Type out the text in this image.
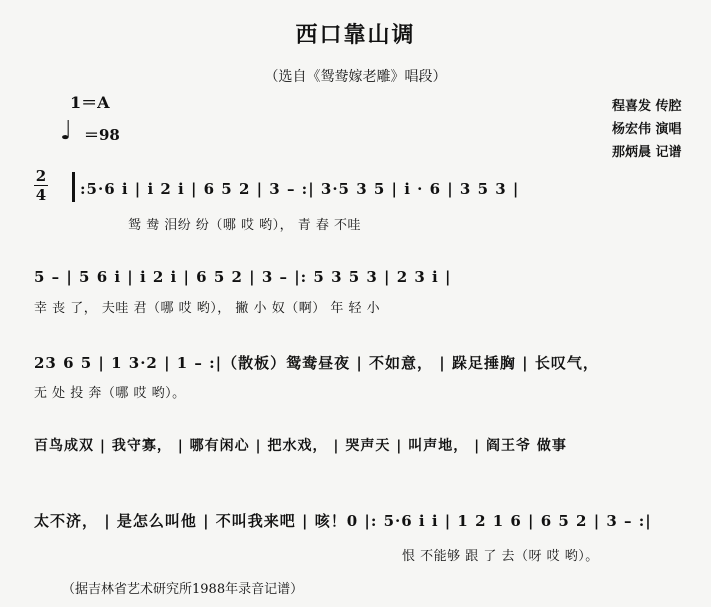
西口靠山调
（选自《鸳鸯嫁老雕》唱段）
1＝A
♩ ＝98
程喜发 传腔
杨宏伟 演唱
那炳晨 记谱
2
4 :5·6 i | i 2 i | 6 5 2 | 3 – :| 3·5 3 5 | i · 6 | 3 5 3 |
鸳 鸯 泪纷 纷（哪 哎 哟）， 青 春 不哇
5 – | 5 6 i | i 2 i | 6 5 2 | 3 – |: 5 3 5 3 | 2 3 i |
幸 丧 了， 夫哇 君（哪 哎 哟）， 撇 小 奴（啊） 年 轻 小
23 6 5 | 1 3·2 | 1 – :|（散板）鸳鸯昼夜 | 不如意， | 跺足捶胸 | 长叹气，
无 处 投 奔（哪 哎 哟）。
百鸟成双 | 我守寡， | 哪有闲心 | 把水戏， | 哭声天 | 叫声地， | 阎王爷 做事
太不济， | 是怎么叫他 | 不叫我来吧 | 咳！0 |: 5·6 i i | 1 2 1 6 | 6 5 2 | 3 – :|
恨 不能够 跟 了 去（呀 哎 哟）。
（据吉林省艺术研究所1988年录音记谱）
